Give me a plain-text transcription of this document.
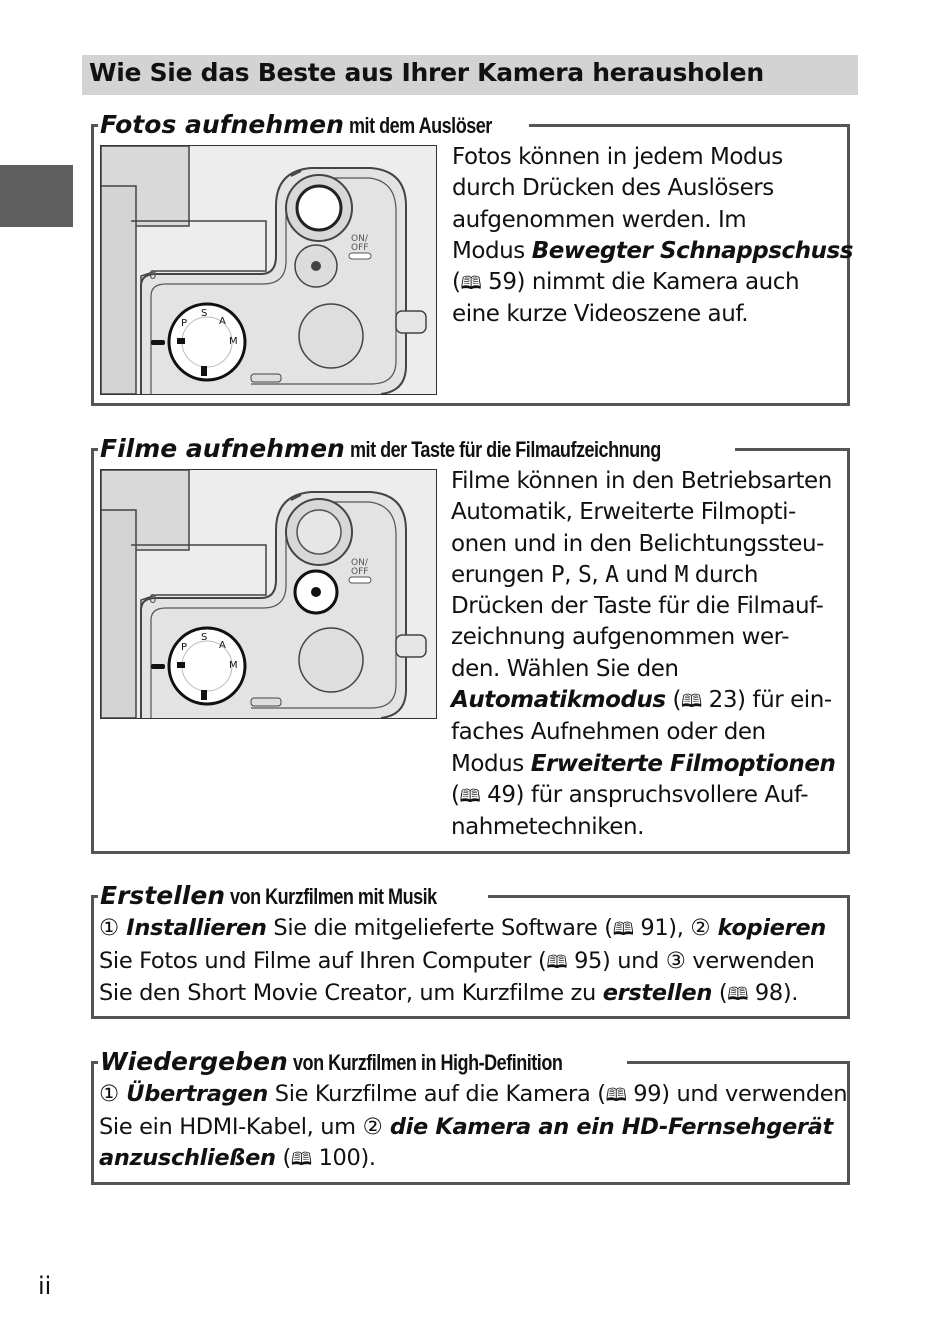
Wie Sie das Beste aus Ihrer Kamera herausholen
Fotos aufnehmen mit dem Auslöser
ON/
OFF
0
S
A
P
M

Fotos können in jedem Modus

durch Drücken des Auslösers

aufgenommen werden. Im

Modus Bewegter Schnappschuss

(🕮 59) nimmt die Kamera auch

eine kurze Videoszene auf.

Filme aufnehmen mit der Taste für die Filmaufzeichnung
ON/
OFF
0
S
A
P
M

Filme können in den Betriebsarten

Automatik, Erweiterte Filmopti-

onen und in den Belichtungssteu-

erungen P, S, A und M durch

Drücken der Taste für die Filmauf-

zeichnung aufgenommen wer-

den. Wählen Sie den

Automatikmodus (🕮 23) für ein-

faches Aufnehmen oder den

Modus Erweiterte Filmoptionen

(🕮 49) für anspruchsvollere Auf-

nahmetechniken.

Erstellen von Kurzfilmen mit Musik

① Installieren Sie die mitgelieferte Software (🕮 91), ② kopieren

Sie Fotos und Filme auf Ihren Computer (🕮 95) und ③ verwenden

Sie den Short Movie Creator, um Kurzfilme zu erstellen (🕮 98).

Wiedergeben von Kurzfilmen in High-Definition

① Übertragen Sie Kurzfilme auf die Kamera (🕮 99) und verwenden

Sie ein HDMI-Kabel, um ② die Kamera an ein HD-Fernsehgerät

anzuschließen (🕮 100).

ii
